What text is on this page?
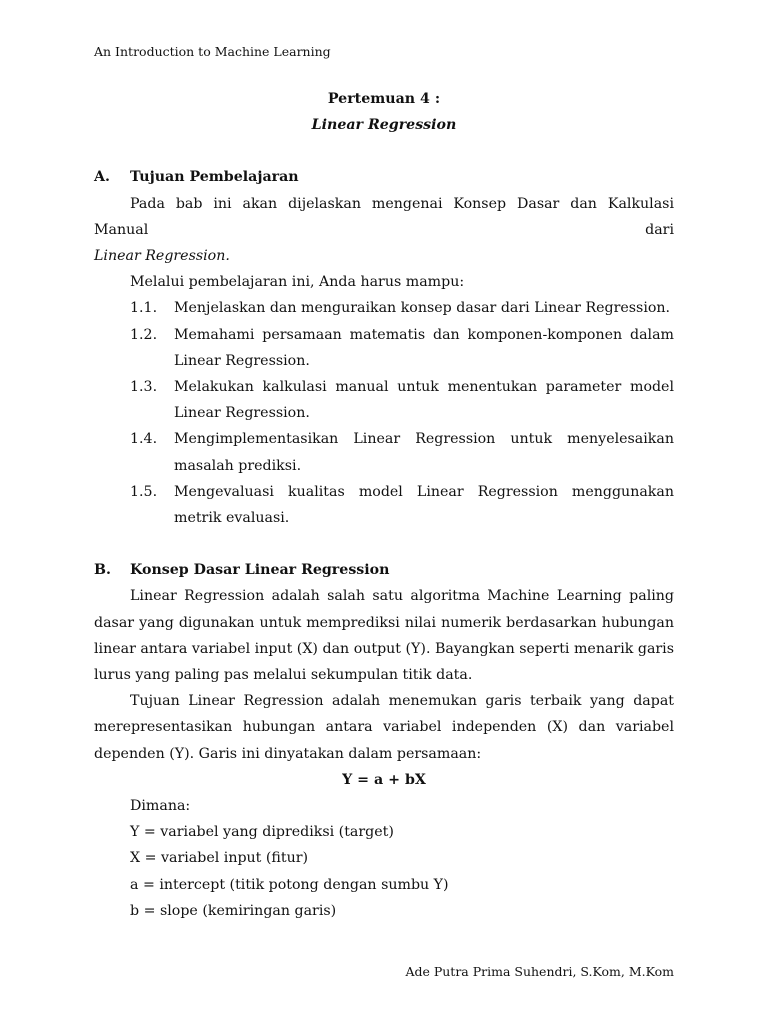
An Introduction to Machine Learning

Pertemuan 4 :

Linear Regression

A.	Tujuan Pembelajaran

Pada bab ini akan dijelaskan mengenai Konsep Dasar dan Kalkulasi Manual dari

Linear Regression.

Melalui pembelajaran ini, Anda harus mampu:

1.1.	Menjelaskan dan menguraikan konsep dasar dari Linear Regression.
1.2.	Memahami persamaan matematis dan komponen-komponen dalam Linear Regression.
1.3.	Melakukan kalkulasi manual untuk menentukan parameter model Linear Regression.
1.4.	Mengimplementasikan Linear Regression untuk menyelesaikan masalah prediksi.
1.5.	Mengevaluasi kualitas model Linear Regression menggunakan metrik evaluasi.
B.	Konsep Dasar Linear Regression

Linear Regression adalah salah satu algoritma Machine Learning paling dasar yang digunakan untuk memprediksi nilai numerik berdasarkan hubungan linear antara variabel input (X) dan output (Y). Bayangkan seperti menarik garis lurus yang paling pas melalui sekumpulan titik data.

Tujuan Linear Regression adalah menemukan garis terbaik yang dapat merepresentasikan hubungan antara variabel independen (X) dan variabel dependen (Y). Garis ini dinyatakan dalam persamaan:

Y = a + bX

Dimana:

Y = variabel yang diprediksi (target)

X = variabel input (fitur)

a = intercept (titik potong dengan sumbu Y)

b = slope (kemiringan garis)

Ade Putra Prima Suhendri, S.Kom, M.Kom
